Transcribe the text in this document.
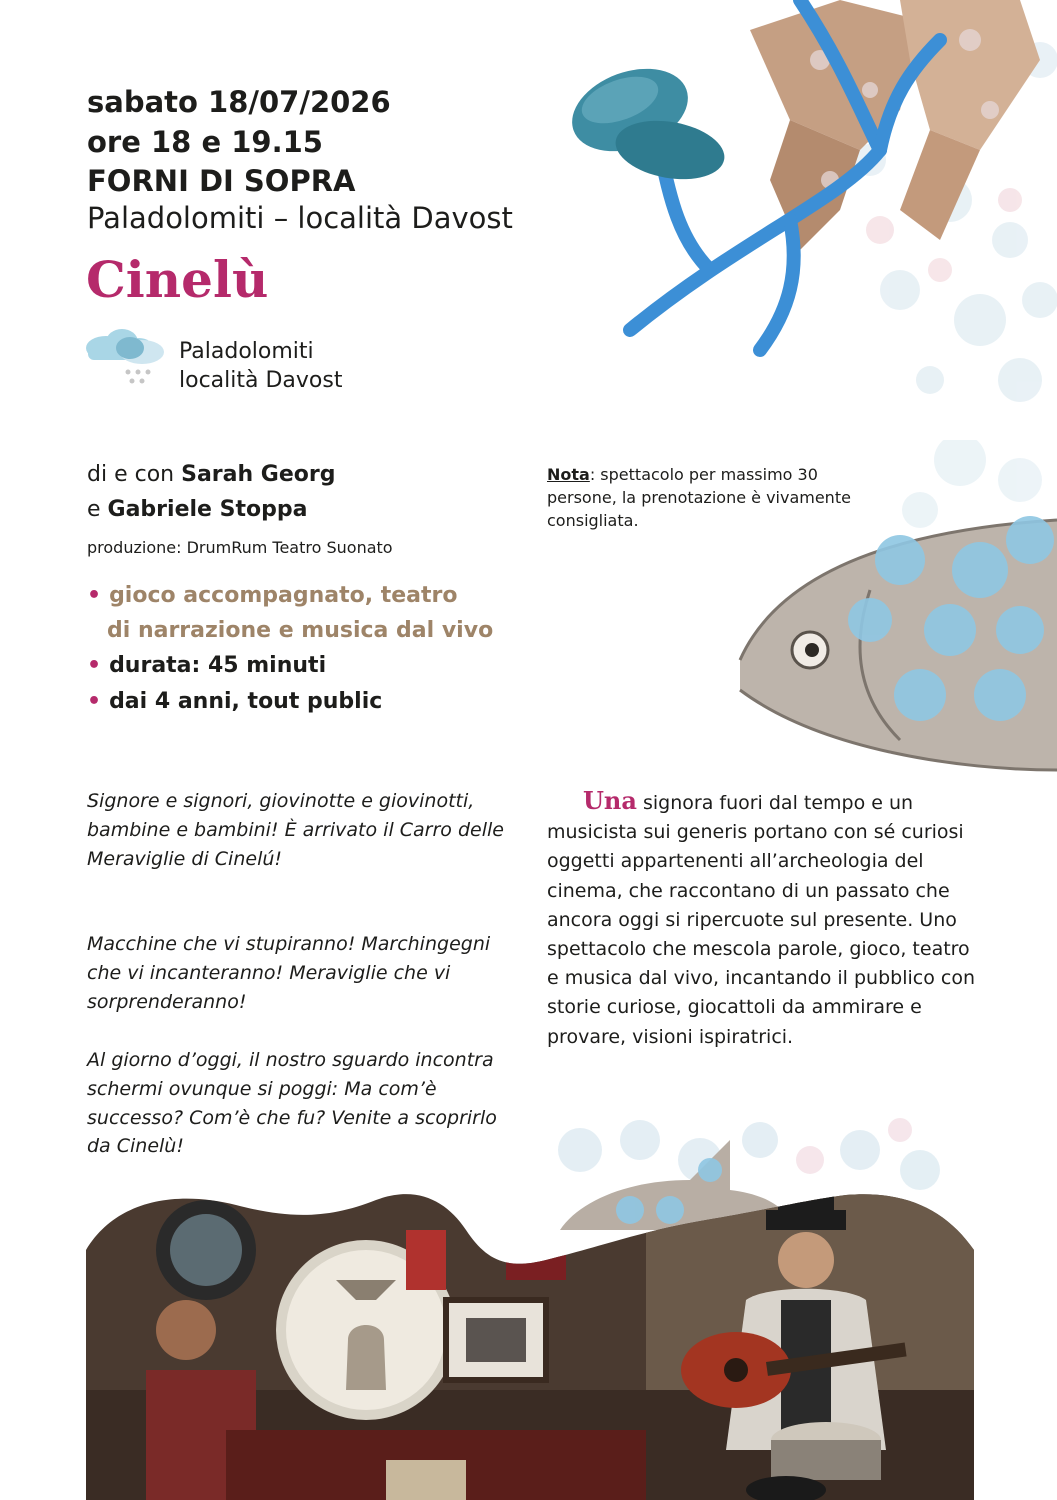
sabato 18/07/2026
ore 18 e 19.15
FORNI DI SOPRA
Paladolomiti – località Davost
Cinelù
Paladolomiti
località Davost
di e con Sarah Georg
e Gabriele Stoppa
produzione: DrumRum Teatro Suonato
Nota: spettacolo per massimo 30 persone, la prenotazione è vivamente consigliata.
• gioco accompagnato, teatro
di narrazione e musica dal vivo
• durata: 45 minuti
• dai 4 anni, tout public

Signore e signori, giovinotte e giovinotti, bambine e bambini! È arrivato il Carro delle Meraviglie di Cinelú!

Macchine che vi stupiranno! Marchingegni che vi incanteranno! Meraviglie che vi sorprenderanno!

Al giorno d’oggi, il nostro sguardo incontra schermi ovunque si poggi: Ma com’è successo? Com’è che fu? Venite a scoprirlo da Cinelù!

Una signora fuori dal tempo e un musicista sui generis portano con sé curiosi oggetti appartenenti all’archeologia del cinema, che raccontano di un passato che ancora oggi si ripercuote sul presente. Uno spettacolo che mescola parole, gioco, teatro e musica dal vivo, incantando il pubblico con storie curiose, giocattoli da ammirare e provare, visioni ispiratrici.
